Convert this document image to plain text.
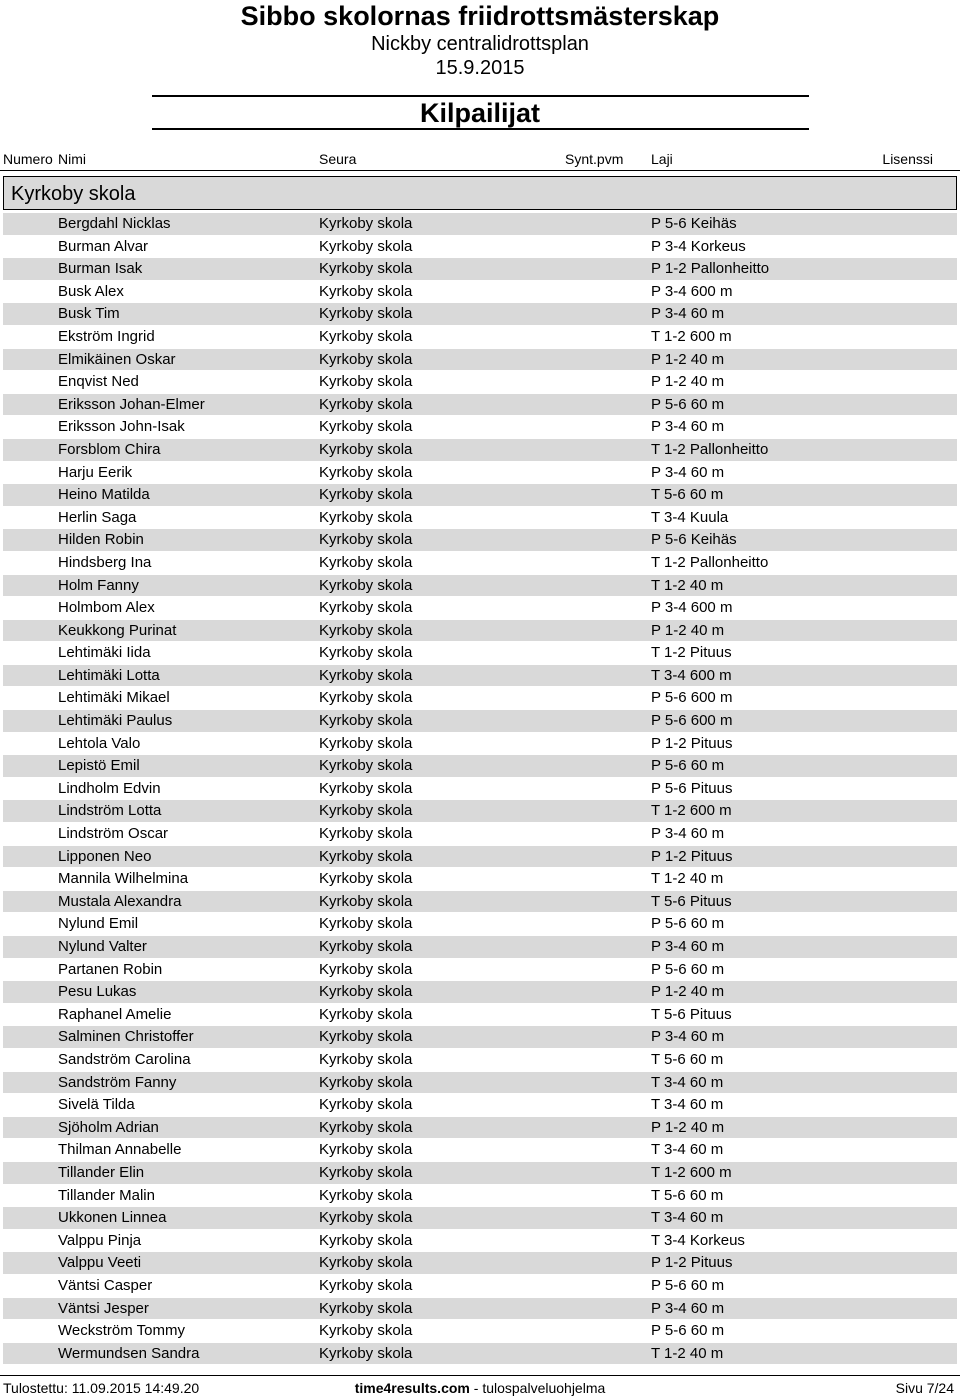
Sibbo skolornas friidrottsmästerskap
Nickby centralidrottsplan
15.9.2015
Kilpailijat
Numero Nimi	Seura	Synt.pvm Laji	Lisenssi
Kyrkoby skola
Bergdahl Nicklas	Kyrkoby skola	P 5-6 Keihäs
Burman Alvar	Kyrkoby skola	P 3-4 Korkeus
Burman Isak	Kyrkoby skola	P 1-2 Pallonheitto
Busk Alex	Kyrkoby skola	P 3-4 600 m
Busk Tim	Kyrkoby skola	P 3-4 60 m
Ekström Ingrid	Kyrkoby skola	T 1-2 600 m
Elmikäinen Oskar	Kyrkoby skola	P 1-2 40 m
Enqvist Ned	Kyrkoby skola	P 1-2 40 m
Eriksson Johan-Elmer	Kyrkoby skola	P 5-6 60 m
Eriksson John-Isak	Kyrkoby skola	P 3-4 60 m
Forsblom Chira	Kyrkoby skola	T 1-2 Pallonheitto
Harju Eerik	Kyrkoby skola	P 3-4 60 m
Heino Matilda	Kyrkoby skola	T 5-6 60 m
Herlin Saga	Kyrkoby skola	T 3-4 Kuula
Hilden Robin	Kyrkoby skola	P 5-6 Keihäs
Hindsberg Ina	Kyrkoby skola	T 1-2 Pallonheitto
Holm Fanny	Kyrkoby skola	T 1-2 40 m
Holmbom Alex	Kyrkoby skola	P 3-4 600 m
Keukkong Purinat	Kyrkoby skola	P 1-2 40 m
Lehtimäki Iida	Kyrkoby skola	T 1-2 Pituus
Lehtimäki Lotta	Kyrkoby skola	T 3-4 600 m
Lehtimäki Mikael	Kyrkoby skola	P 5-6 600 m
Lehtimäki Paulus	Kyrkoby skola	P 5-6 600 m
Lehtola Valo	Kyrkoby skola	P 1-2 Pituus
Lepistö Emil	Kyrkoby skola	P 5-6 60 m
Lindholm Edvin	Kyrkoby skola	P 5-6 Pituus
Lindström Lotta	Kyrkoby skola	T 1-2 600 m
Lindström Oscar	Kyrkoby skola	P 3-4 60 m
Lipponen Neo	Kyrkoby skola	P 1-2 Pituus
Mannila Wilhelmina	Kyrkoby skola	T 1-2 40 m
Mustala Alexandra	Kyrkoby skola	T 5-6 Pituus
Nylund Emil	Kyrkoby skola	P 5-6 60 m
Nylund Valter	Kyrkoby skola	P 3-4 60 m
Partanen Robin	Kyrkoby skola	P 5-6 60 m
Pesu Lukas	Kyrkoby skola	P 1-2 40 m
Raphanel Amelie	Kyrkoby skola	T 5-6 Pituus
Salminen Christoffer	Kyrkoby skola	P 3-4 60 m
Sandström Carolina	Kyrkoby skola	T 5-6 60 m
Sandström Fanny	Kyrkoby skola	T 3-4 60 m
Sivelä Tilda	Kyrkoby skola	T 3-4 60 m
Sjöholm Adrian	Kyrkoby skola	P 1-2 40 m
Thilman Annabelle	Kyrkoby skola	T 3-4 60 m
Tillander Elin	Kyrkoby skola	T 1-2 600 m
Tillander Malin	Kyrkoby skola	T 5-6 60 m
Ukkonen Linnea	Kyrkoby skola	T 3-4 60 m
Valppu Pinja	Kyrkoby skola	T 3-4 Korkeus
Valppu Veeti	Kyrkoby skola	P 1-2 Pituus
Väntsi Casper	Kyrkoby skola	P 5-6 60 m
Väntsi Jesper	Kyrkoby skola	P 3-4 60 m
Weckström Tommy	Kyrkoby skola	P 5-6 60 m
Wermundsen Sandra	Kyrkoby skola	T 1-2 40 m
Tulostettu: 11.09.2015 14:49.20	time4results.com - tulospalveluohjelma	Sivu 7/24
